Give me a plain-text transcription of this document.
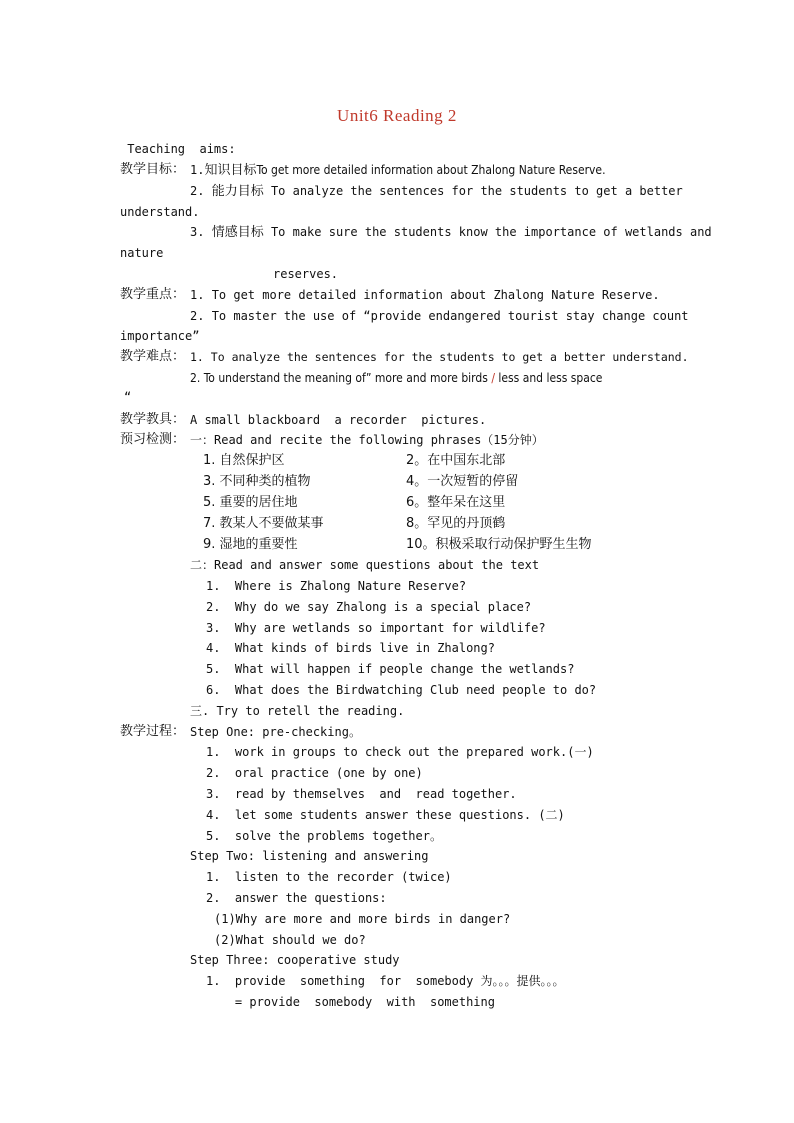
Unit6 Reading 2
Teaching  aims:
教学目标： 1.知识目标To get more detailed information about Zhalong Nature Reserve.
2. 能力目标 To analyze the sentences for the students to get a better
understand.
3. 情感目标 To make sure the students know the importance of wetlands and
nature
reserves.
教学重点： 1. To get more detailed information about Zhalong Nature Reserve.
2. To master the use of “provide endangered tourist stay change count
importance”
教学难点： 1. To analyze the sentences for the students to get a better understand.
2. To understand the meaning of” more and more birds / less and less space
“
教学教具： A small blackboard  a recorder  pictures.
预习检测： 一：Read and recite the following phrases（15分钟）
1. 自然保护区	2。在中国东北部
3. 不同种类的植物	4。一次短暂的停留
5. 重要的居住地	6。整年呆在这里
7. 教某人不要做某事	8。罕见的丹顶鹤
9. 湿地的重要性	10。积极采取行动保护野生生物
二：Read and answer some questions about the text
1.  Where is Zhalong Nature Reserve?
2.  Why do we say Zhalong is a special place?
3.  Why are wetlands so important for wildlife?
4.  What kinds of birds live in Zhalong?
5.  What will happen if people change the wetlands?
6.  What does the Birdwatching Club need people to do?
三. Try to retell the reading.
教学过程： Step One: pre-checking。
1.  work in groups to check out the prepared work.(一)
2.  oral practice (one by one)
3.  read by themselves  and  read together.
4.  let some students answer these questions. (二)
5.  solve the problems together。
Step Two: listening and answering
1.  listen to the recorder (twice)
2.  answer the questions:
(1)Why are more and more birds in danger?
(2)What should we do?
Step Three: cooperative study
1.  provide  something  for  somebody 为。。。提供。。。
= provide  somebody  with  something
